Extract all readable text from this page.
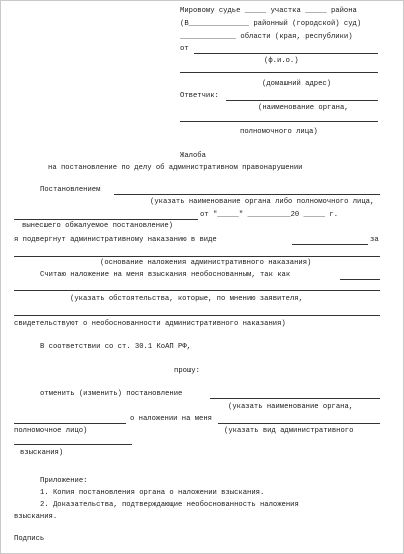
Мировому судье _____ участка _____ района
(В______________ районный (городской) суд)
_____________ области (края, республики)
от
(ф.и.о.)
(домашний адрес)
Ответчик:
(наименование органа,
полномочного лица)
Жалоба
на постановление по делу об административном правонарушении
Постановлением
(указать наименование органа либо полномочного лица,
от "_____" __________20 _____ г.
вынесшего обжалуемое постановление)
я подвергнут административному наказанию в виде	за
(основание наложения административного наказания)
Считаю наложение на меня взыскания необоснованным, так как
(указать обстоятельства, которые, по мнению заявителя,
свидетельствуют о необоснованности административного наказания)
В соответствии со ст. 30.1 КоАП РФ,
прошу:
отменить (изменить) постановление
(указать наименование органа,
о наложении на меня
полномочное лицо)	(указать вид административного
взыскания)
Приложение:
1. Копия постановления органа о наложении взыскания.
2. Доказательства, подтверждающие необоснованность наложения
взыскания.
Подпись
